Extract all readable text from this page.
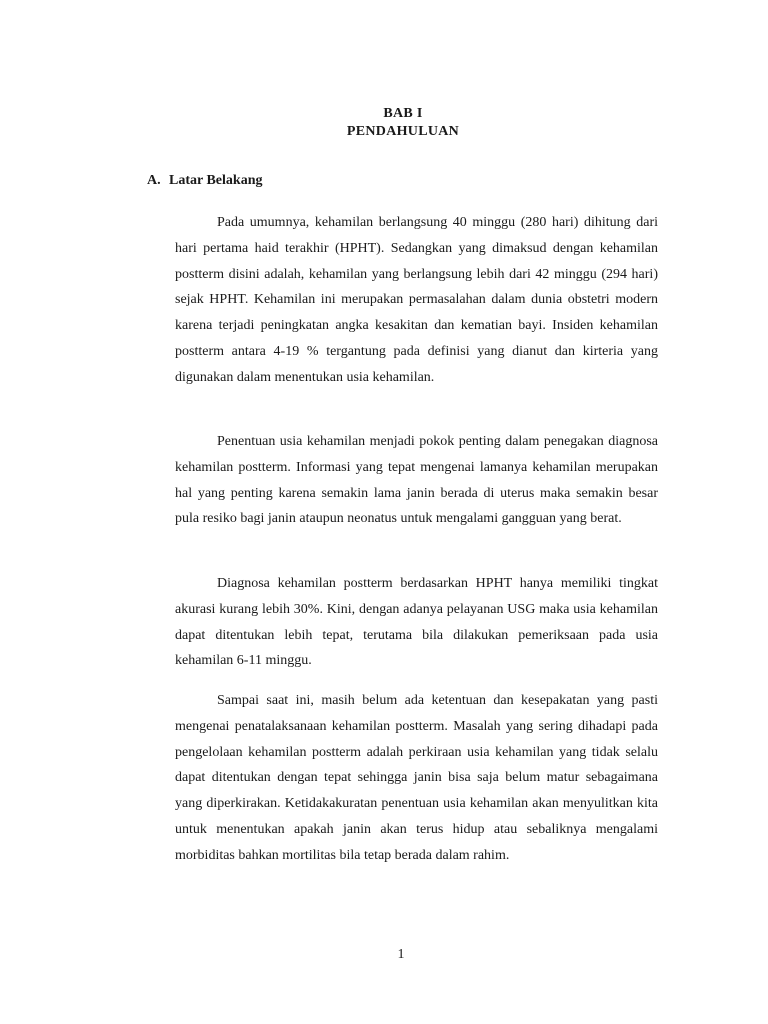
BAB I
PENDAHULUAN
A. Latar Belakang

Pada umumnya, kehamilan berlangsung 40 minggu (280 hari) dihitung dari hari pertama haid terakhir (HPHT). Sedangkan yang dimaksud dengan kehamilan postterm disini adalah, kehamilan yang berlangsung lebih dari 42 minggu (294 hari) sejak HPHT. Kehamilan ini merupakan permasalahan dalam dunia obstetri modern karena terjadi peningkatan angka kesakitan dan kematian bayi. Insiden kehamilan postterm antara 4-19 % tergantung pada definisi yang dianut dan kirteria yang digunakan dalam menentukan usia kehamilan.

Penentuan usia kehamilan menjadi pokok penting dalam penegakan diagnosa kehamilan postterm. Informasi yang tepat mengenai lamanya kehamilan merupakan hal yang penting karena semakin lama janin berada di uterus maka semakin besar pula resiko bagi janin ataupun neonatus untuk mengalami gangguan yang berat.

Diagnosa kehamilan postterm berdasarkan HPHT hanya memiliki tingkat akurasi kurang lebih 30%. Kini, dengan adanya pelayanan USG maka usia kehamilan dapat ditentukan lebih tepat, terutama bila dilakukan pemeriksaan pada usia kehamilan 6-11 minggu.

Sampai saat ini, masih belum ada ketentuan dan kesepakatan yang pasti mengenai penatalaksanaan kehamilan postterm. Masalah yang sering dihadapi pada pengelolaan kehamilan postterm adalah perkiraan usia kehamilan yang tidak selalu dapat ditentukan dengan tepat sehingga janin bisa saja belum matur sebagaimana yang diperkirakan. Ketidakakuratan penentuan usia kehamilan akan menyulitkan kita untuk menentukan apakah janin akan terus hidup atau sebaliknya mengalami morbiditas bahkan mortilitas bila tetap berada dalam rahim.

1
